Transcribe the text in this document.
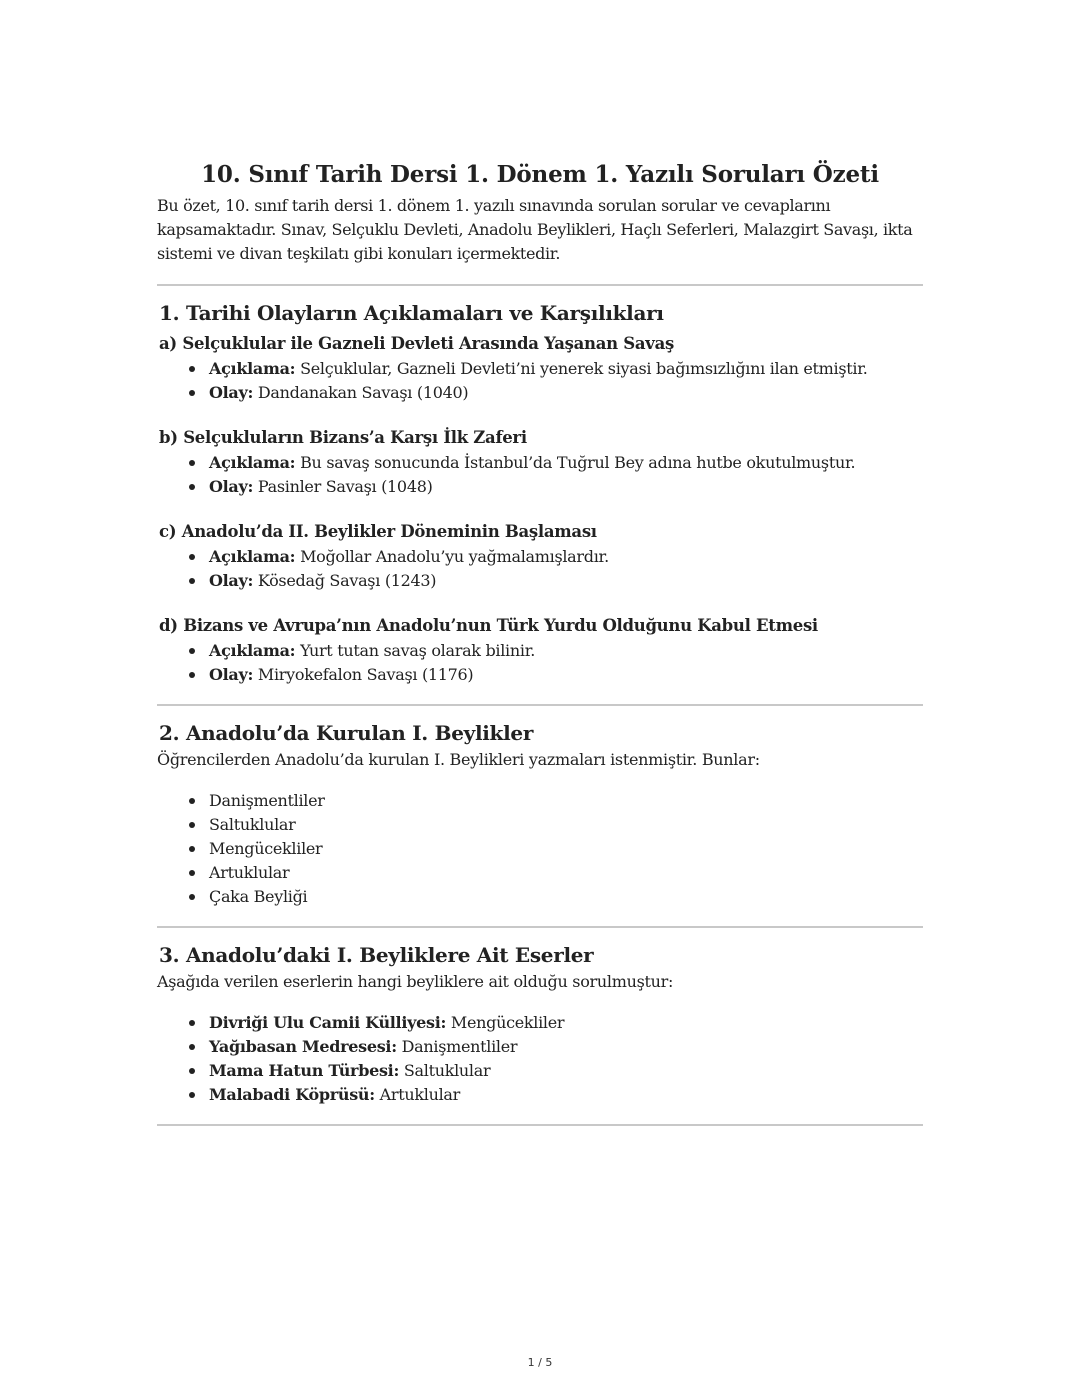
10. Sınıf Tarih Dersi 1. Dönem 1. Yazılı Soruları Özeti

Bu özet, 10. sınıf tarih dersi 1. dönem 1. yazılı sınavında sorulan sorular ve cevaplarını kapsamaktadır. Sınav, Selçuklu Devleti, Anadolu Beylikleri, Haçlı Seferleri, Malazgirt Savaşı, ikta sistemi ve divan teşkilatı gibi konuları içermektedir.

1. Tarihi Olayların Açıklamaları ve Karşılıkları
a) Selçuklular ile Gazneli Devleti Arasında Yaşanan Savaş
Açıklama: Selçuklular, Gazneli Devleti’ni yenerek siyasi bağımsızlığını ilan etmiştir.
Olay: Dandanakan Savaşı (1040)
b) Selçukluların Bizans’a Karşı İlk Zaferi
Açıklama: Bu savaş sonucunda İstanbul’da Tuğrul Bey adına hutbe okutulmuştur.
Olay: Pasinler Savaşı (1048)
c) Anadolu’da II. Beylikler Döneminin Başlaması
Açıklama: Moğollar Anadolu’yu yağmalamışlardır.
Olay: Kösedağ Savaşı (1243)
d) Bizans ve Avrupa’nın Anadolu’nun Türk Yurdu Olduğunu Kabul Etmesi
Açıklama: Yurt tutan savaş olarak bilinir.
Olay: Miryokefalon Savaşı (1176)
2. Anadolu’da Kurulan I. Beylikler

Öğrencilerden Anadolu’da kurulan I. Beylikleri yazmaları istenmiştir. Bunlar:

Danişmentliler
Saltuklular
Mengücekliler
Artuklular
Çaka Beyliği
3. Anadolu’daki I. Beyliklere Ait Eserler

Aşağıda verilen eserlerin hangi beyliklere ait olduğu sorulmuştur:

Divriği Ulu Camii Külliyesi: Mengücekliler
Yağıbasan Medresesi: Danişmentliler
Mama Hatun Türbesi: Saltuklular
Malabadi Köprüsü: Artuklular
1 / 5
